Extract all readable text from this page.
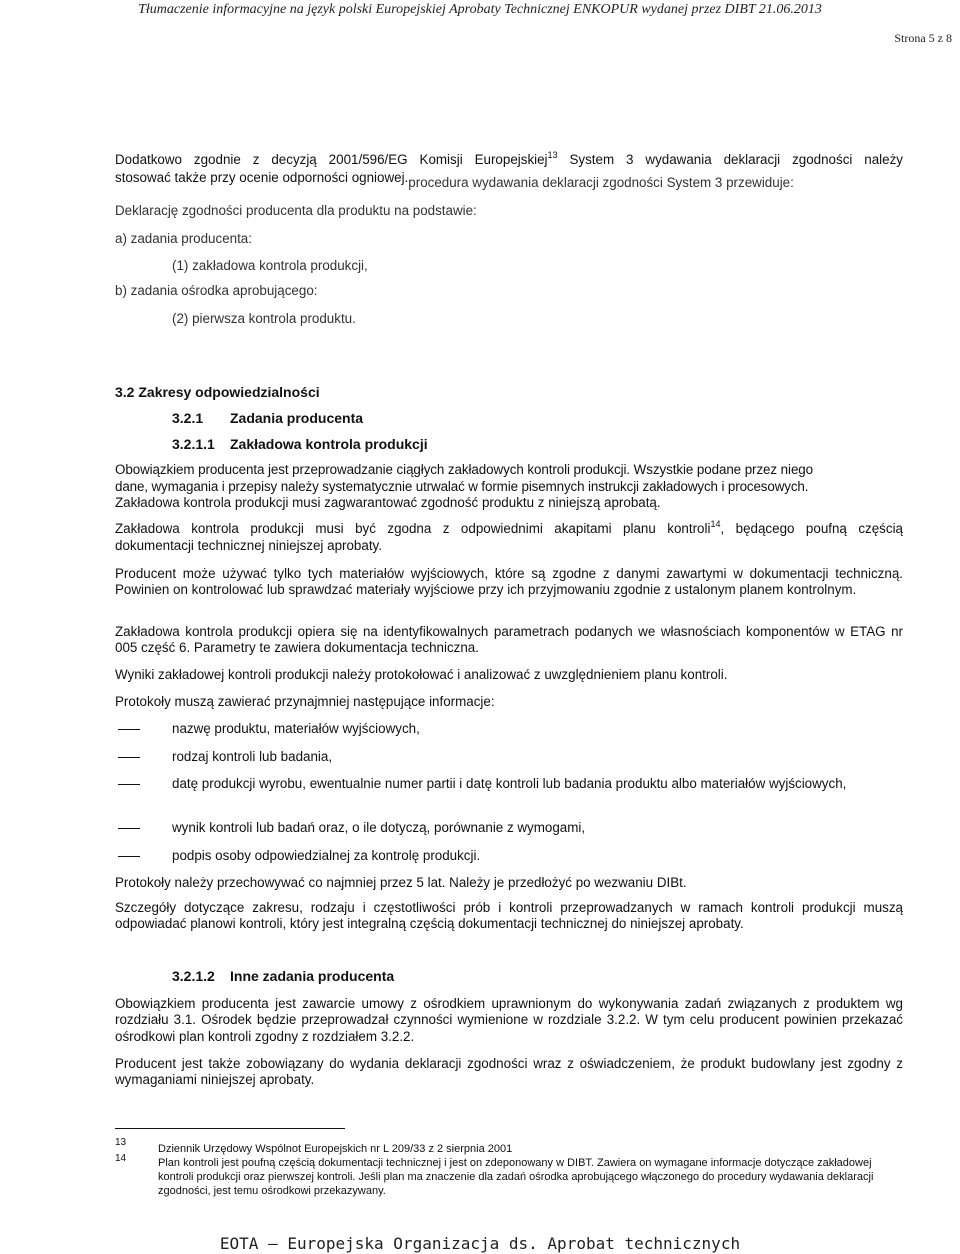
Tłumaczenie informacyjne na język polski Europejskiej Aprobaty Technicznej ENKOPUR wydanej przez DIBT 21.06.2013
Strona 5 z 8
Dodatkowo zgodnie z decyzją 2001/596/EG Komisji Europejskiej$^{13}$ System 3 wydawania deklaracji zgodności należy
stosować także przy ocenie odporności ogniowej.procedura wydawania deklaracji zgodności System 3 przewiduje:
Deklarację zgodności producenta dla produktu na podstawie:
a) zadania producenta:
(1) zakładowa kontrola produkcji,
b) zadania ośrodka aprobującego:
(2) pierwsza kontrola produktu.
3.2 Zakresy odpowiedzialności
3.2.1 Zadania producenta
3.2.1.1 Zakładowa kontrola produkcji
Obowiązkiem producenta jest przeprowadzanie ciągłych zakładowych kontroli produkcji. Wszystkie podane przez niego
dane, wymagania i przepisy należy systematycznie utrwalać w formie pisemnych instrukcji zakładowych i procesowych.
Zakładowa kontrola produkcji musi zagwarantować zgodność produktu z niniejszą aprobatą.
Zakładowa kontrola produkcji musi być zgodna z odpowiednimi akapitami planu kontroli$^{14}$, będącego poufną częścią
dokumentacji technicznej niniejszej aprobaty.
Producent może używać tylko tych materiałów wyjściowych, które są zgodne z danymi zawartymi w dokumentacji techniczną. Powinien on kontrolować lub sprawdzać materiały wyjściowe przy ich przyjmowaniu zgodnie z ustalonym planem kontrolnym.
Zakładowa kontrola produkcji opiera się na identyfikowalnych parametrach podanych we własnościach komponentów w ETAG nr 005 część 6. Parametry te zawiera dokumentacja techniczna.
Wyniki zakładowej kontroli produkcji należy protokołować i analizować z uwzględnieniem planu kontroli.
Protokoły muszą zawierać przynajmniej następujące informacje:
nazwę produktu, materiałów wyjściowych,
rodzaj kontroli lub badania,
datę produkcji wyrobu, ewentualnie numer partii i datę kontroli lub badania produktu albo materiałów wyjściowych,
wynik kontroli lub badań oraz, o ile dotyczą, porównanie z wymogami,
podpis osoby odpowiedzialnej za kontrolę produkcji.
Protokoły należy przechowywać co najmniej przez 5 lat. Należy je przedłożyć po wezwaniu DIBt.
Szczegóły dotyczące zakresu, rodzaju i częstotliwości prób i kontroli przeprowadzanych w ramach kontroli produkcji muszą odpowiadać planowi kontroli, który jest integralną częścią dokumentacji technicznej do niniejszej aprobaty.
3.2.1.2 Inne zadania producenta
Obowiązkiem producenta jest zawarcie umowy z ośrodkiem uprawnionym do wykonywania zadań związanych z produktem wg rozdziału 3.1. Ośrodek będzie przeprowadzał czynności wymienione w rozdziale 3.2.2. W tym celu producent powinien przekazać ośrodkowi plan kontroli zgodny z rozdziałem 3.2.2.
Producent jest także zobowiązany do wydania deklaracji zgodności wraz z oświadczeniem, że produkt budowlany jest zgodny z wymaganiami niniejszej aprobaty.
13
Dziennik Urzędowy Wspólnot Europejskich nr L 209/33 z 2 sierpnia 2001
14	Plan kontroli jest poufną częścią dokumentacji technicznej i jest on zdeponowany w DIBT. Zawiera on wymagane informacje dotyczące zakładowej kontroli produkcji oraz pierwszej kontroli. Jeśli plan ma znaczenie dla zadań ośrodka aprobującego włączonego do procedury wydawania deklaracji zgodności, jest temu ośrodkowi przekazywany.
EOTA – Europejska Organizacja ds. Aprobat technicznych
